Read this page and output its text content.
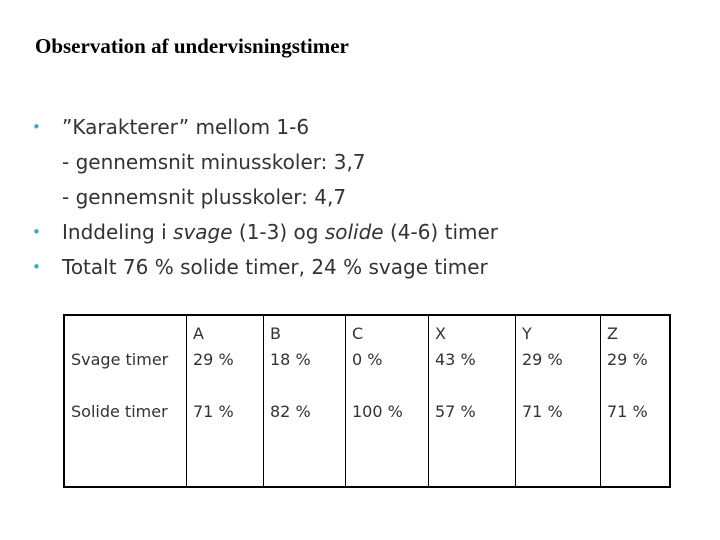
Observation af undervisningstimer
• ”Karakterer” mellom 1-6
- gennemsnit minusskoler: 3,7
- gennemsnit plusskoler: 4,7
• Inddeling i svage (1-3) og solide (4-6) timer
• Totalt 76 % solide timer, 24 % svage timer
	A	B	C	X	Y	Z
Svage timer	29 %	18 %	0 %	43 %	29 %	29 %
Solide timer	71 %	82 %	100 %	57 %	71 %	71 %
